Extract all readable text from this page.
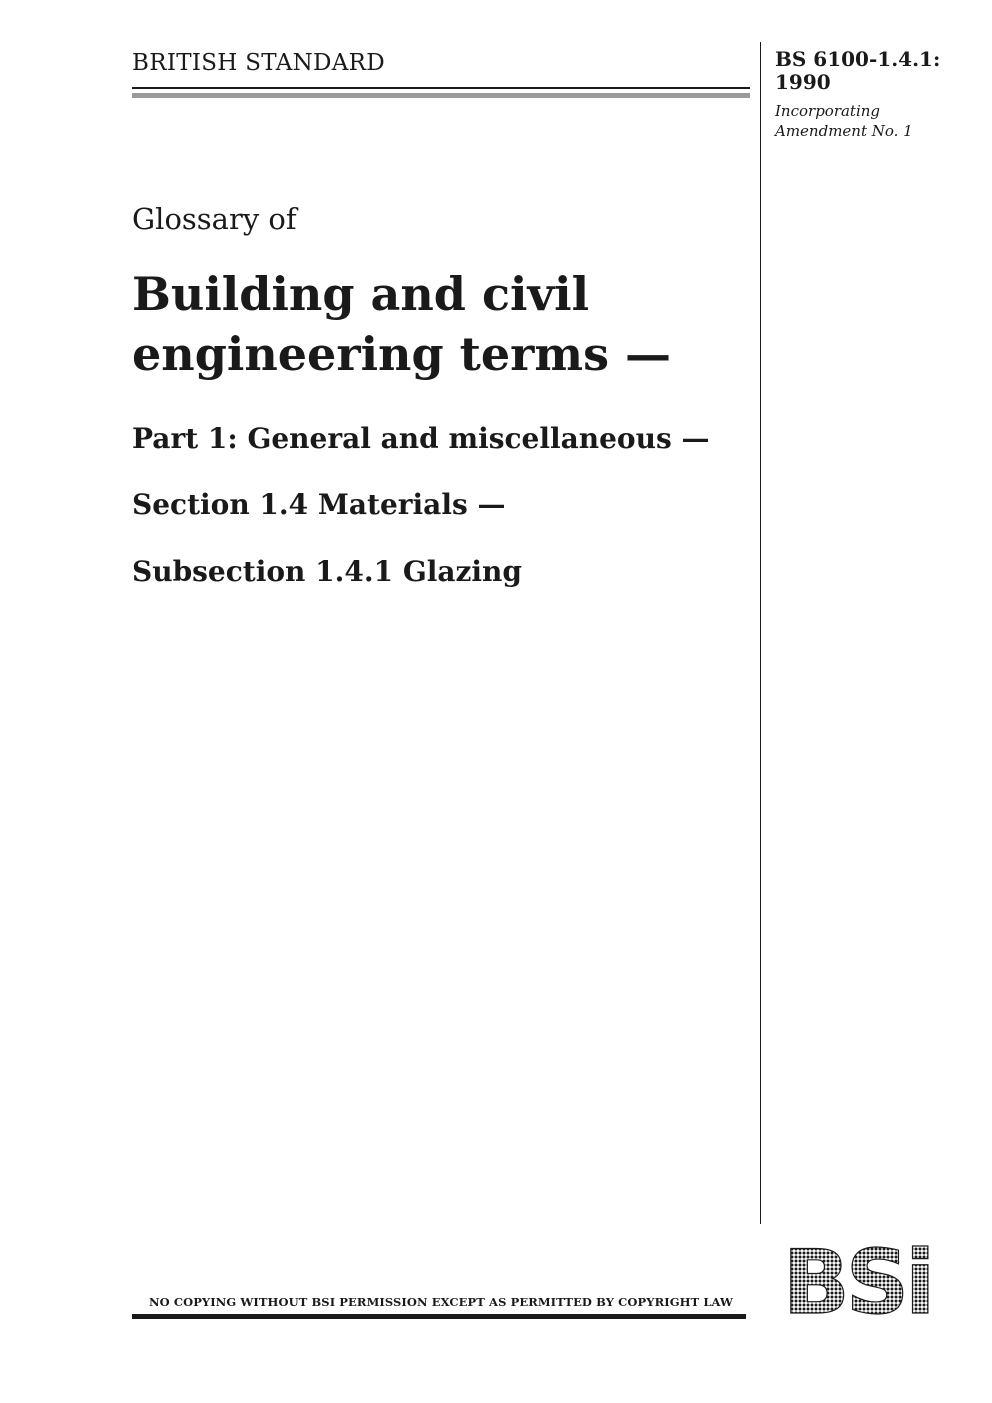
BRITISH STANDARD	BS 6100-1.4.1:
1990
Incorporating
Amendment No. 1
Glossary of
Building and civil
engineering terms —
Part 1: General and miscellaneous —
Section 1.4 Materials —
Subsection 1.4.1 Glazing
NO COPYING WITHOUT BSI PERMISSION EXCEPT AS PERMITTED BY COPYRIGHT LAW BSi
